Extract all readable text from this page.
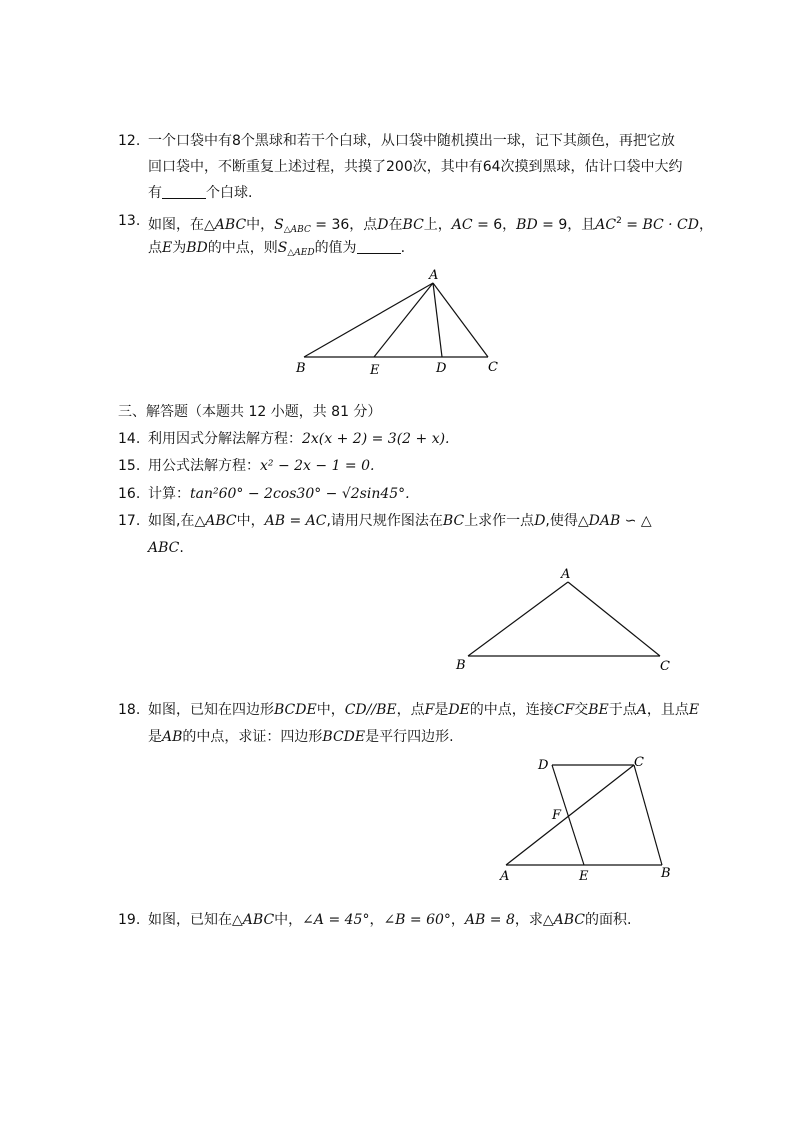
12. 一个口袋中有8个黑球和若干个白球，从口袋中随机摸出一球，记下其颜色，再把它放
回口袋中，不断重复上述过程，共摸了200次，其中有64次摸到黑球，估计口袋中大约
有	个白球.
13. 如图，在△ABC中，$S_{\triangle ABC} = 36$，点D在BC上，AC = 6，BD = 9，且$AC^2$ = BC · CD，
点E为BD的中点，则$S_{\triangle AED}$的值为	.
A
B	E	D	C
三、解答题（本题共 12 小题，共 81 分）
14. 利用因式分解法解方程：2x(x + 2) = 3(2 + x).
15. 用公式法解方程：x² − 2x − 1 = 0.
16. 计算：tan²60° − 2cos30° − √2sin45°.
17. 如图,在△ABC中，AB = AC,请用尺规作图法在BC上求作一点D,使得△DAB ∽ △
ABC.
A
B	C
18. 如图，已知在四边形BCDE中，CD//BE，点F是DE的中点，连接CF交BE于点A，且点E
是AB的中点，求证：四边形BCDE是平行四边形.
D	C
F
A	E	B
19. 如图，已知在△ABC中，∠A = 45°，∠B = 60°，AB = 8，求△ABC的面积.
